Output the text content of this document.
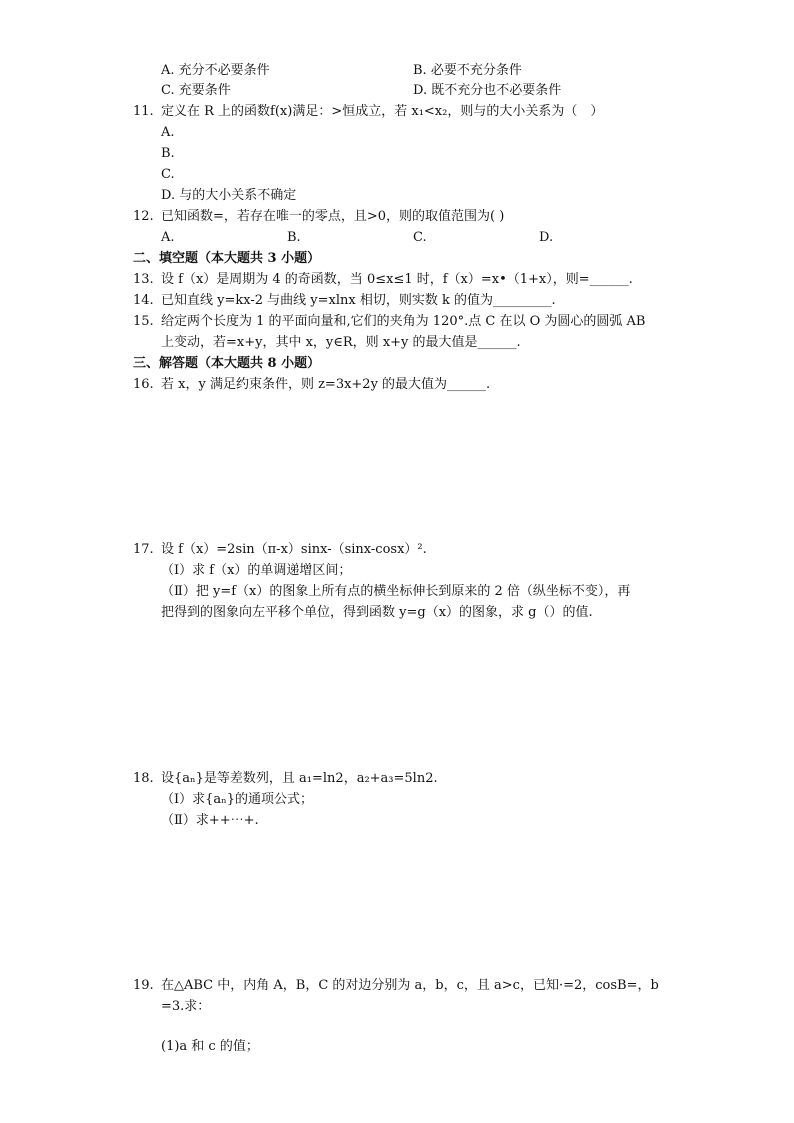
A. 充分不必要条件	B. 必要不充分条件
C. 充要条件	D. 既不充分也不必要条件
11. 定义在 R 上的函数f(x)满足：>恒成立，若 x₁<x₂，则与的大小关系为（　）
A.
B.
C.
D. 与的大小关系不确定
12. 已知函数=，若存在唯一的零点，且>0，则的取值范围为( )
A.	B.	C.	D.
二、填空题（本大题共 3 小题）
13. 设 f（x）是周期为 4 的奇函数，当 0≤x≤1 时，f（x）=x•（1+x），则=______.
14. 已知直线 y=kx-2 与曲线 y=xlnx 相切，则实数 k 的值为_________.
15. 给定两个长度为 1 的平面向量和,它们的夹角为 120°.点 C 在以 O 为圆心的圆弧 AB
上变动，若=x+y，其中 x，y∈R，则 x+y 的最大值是______.
三、解答题（本大题共 8 小题）
16. 若 x，y 满足约束条件，则 z=3x+2y 的最大值为______.
17. 设 f（x）=2sin（π-x）sinx-（sinx-cosx）².
（Ⅰ）求 f（x）的单调递增区间；
（Ⅱ）把 y=f（x）的图象上所有点的横坐标伸长到原来的 2 倍（纵坐标不变），再
把得到的图象向左平移个单位，得到函数 y=g（x）的图象，求 g（）的值.
18. 设{aₙ}是等差数列，且 a₁=ln2，a₂+a₃=5ln2.
（Ⅰ）求{aₙ}的通项公式；
（Ⅱ）求++⋯+.
19. 在△ABC 中，内角 A，B，C 的对边分别为 a，b，c，且 a>c，已知·=2，cosB=，b
=3.求：
(1)a 和 c 的值；
